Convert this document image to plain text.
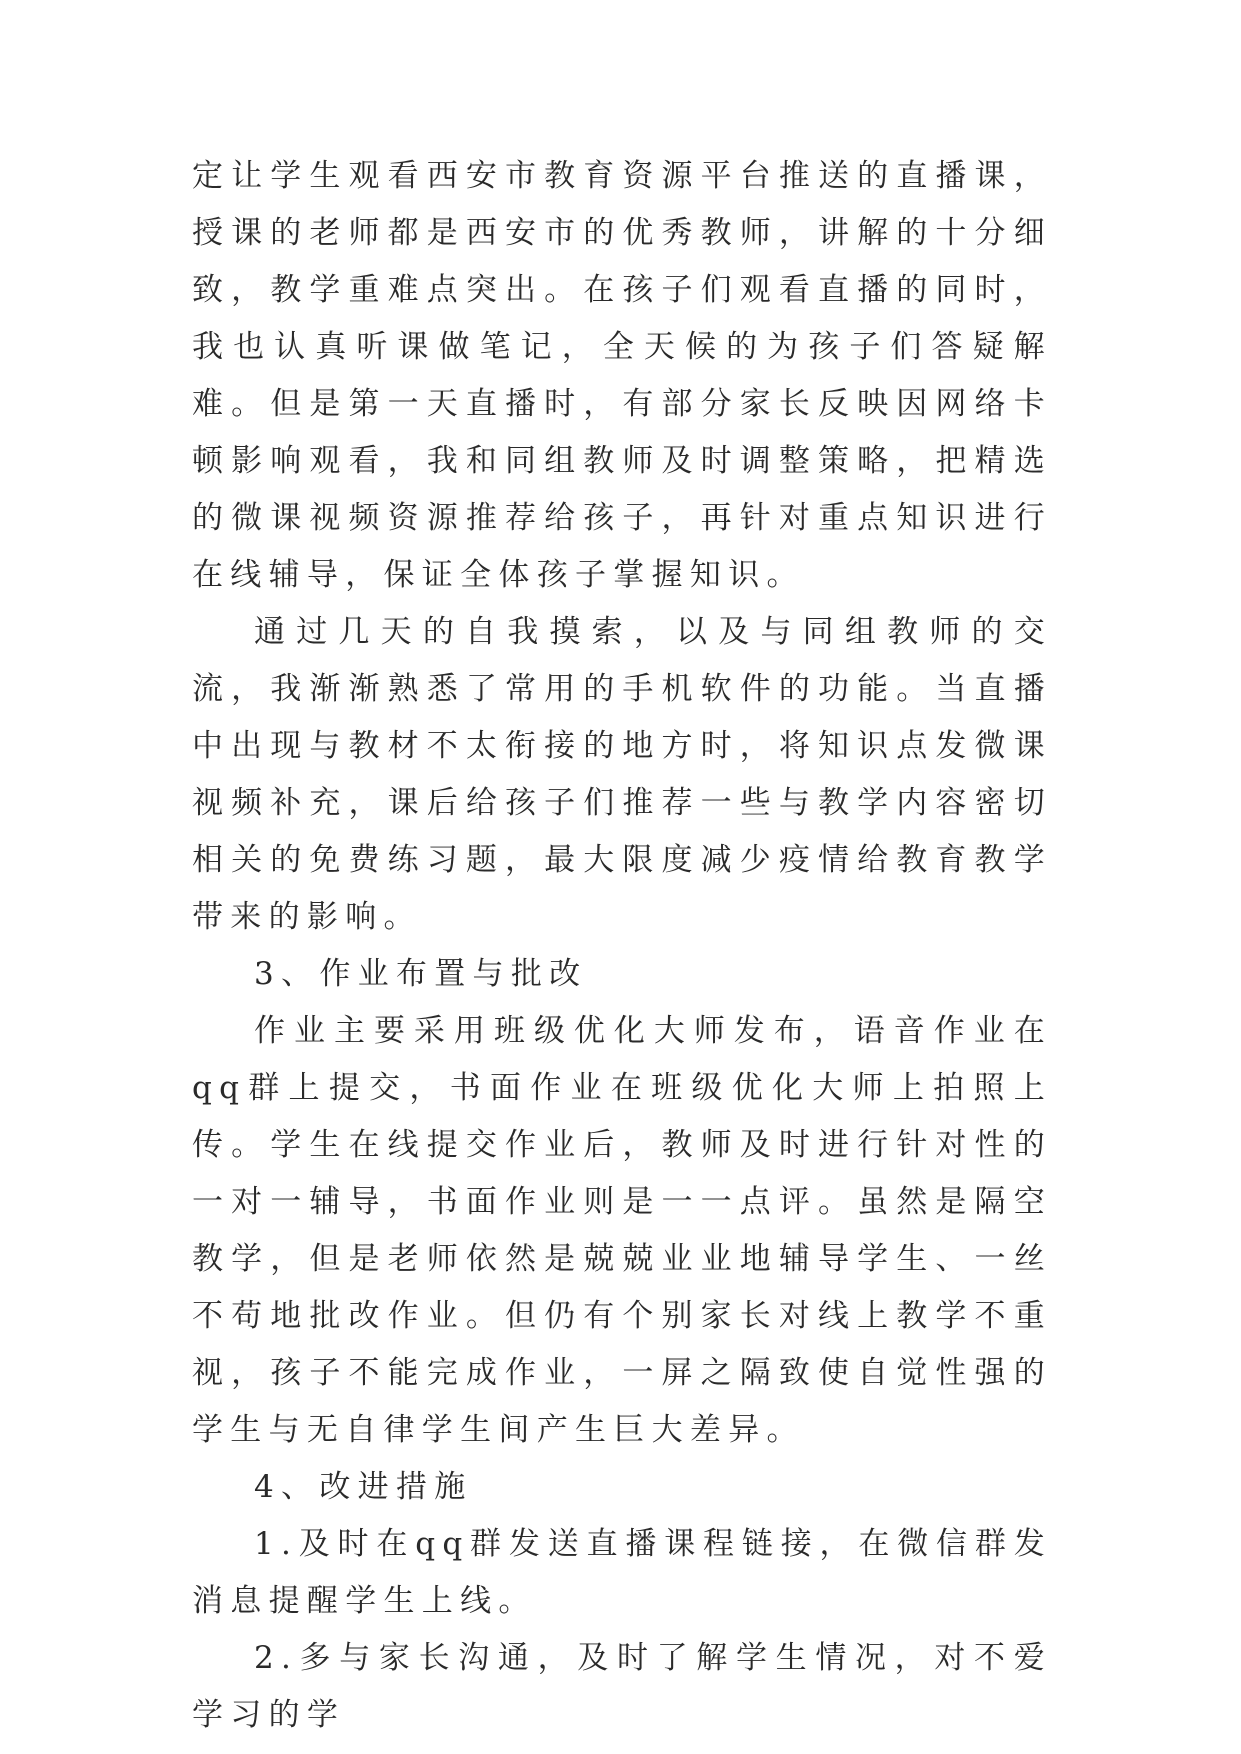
定让学生观看西安市教育资源平台推送的直播课，授课的老师都是西安市的优秀教师，讲解的十分细致，教学重难点突出。在孩子们观看直播的同时，我也认真听课做笔记，全天候的为孩子们答疑解难。但是第一天直播时，有部分家长反映因网络卡顿影响观看，我和同组教师及时调整策略，把精选的微课视频资源推荐给孩子，再针对重点知识进行在线辅导，保证全体孩子掌握知识。

通过几天的自我摸索，以及与同组教师的交流，我渐渐熟悉了常用的手机软件的功能。当直播中出现与教材不太衔接的地方时，将知识点发微课视频补充，课后给孩子们推荐一些与教学内容密切相关的免费练习题，最大限度减少疫情给教育教学带来的影响。

3、作业布置与批改

作业主要采用班级优化大师发布，语音作业在qq群上提交，书面作业在班级优化大师上拍照上传。学生在线提交作业后，教师及时进行针对性的一对一辅导，书面作业则是一一点评。虽然是隔空教学，但是老师依然是兢兢业业地辅导学生、一丝不苟地批改作业。但仍有个别家长对线上教学不重视，孩子不能完成作业，一屏之隔致使自觉性强的学生与无自律学生间产生巨大差异。

4、改进措施

1.及时在qq群发送直播课程链接，在微信群发消息提醒学生上线。

2.多与家长沟通，及时了解学生情况，对不爱学习的学
